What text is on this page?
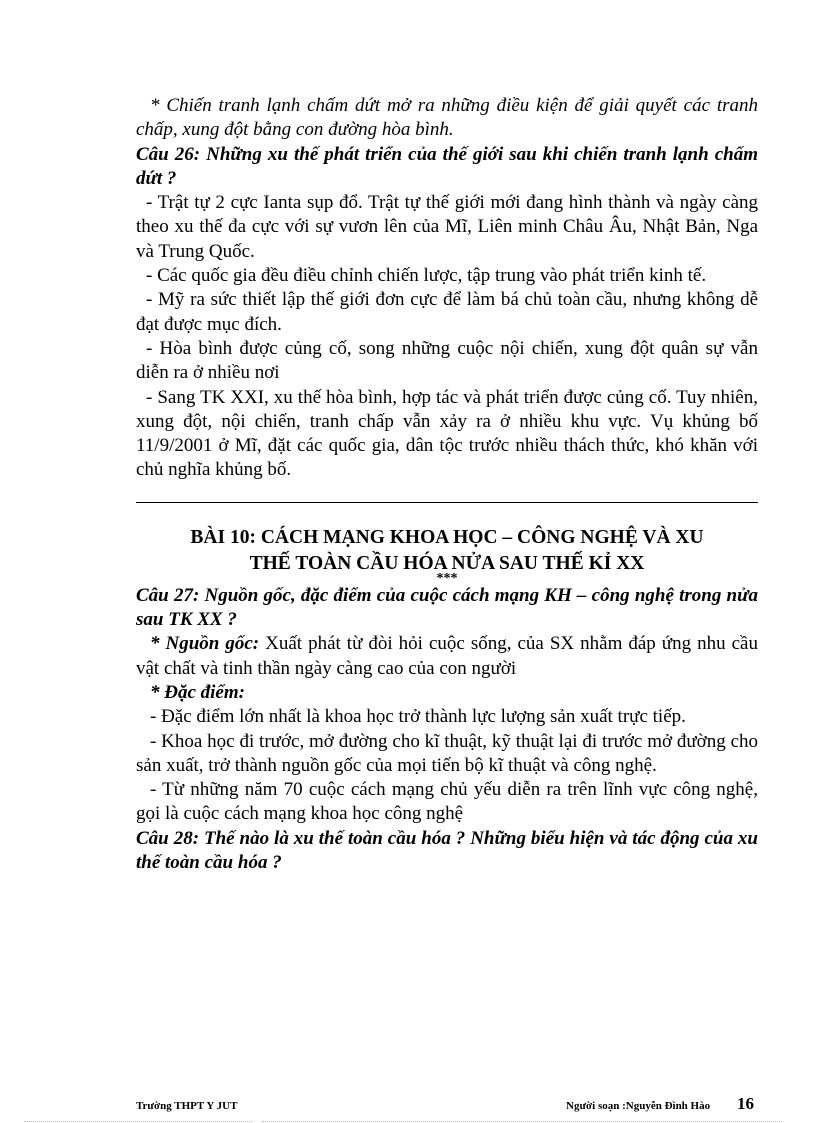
* Chiến tranh lạnh chấm dứt mở ra những điều kiện để giải quyết các tranh chấp, xung đột bằng con đường hòa bình.

Câu 26: Những xu thế phát triển của thế giới sau khi chiến tranh lạnh chấm dứt ?

- Trật tự 2 cực Ianta sụp đổ. Trật tự thế giới mới đang hình thành và ngày càng theo xu thế đa cực với sự vươn lên của Mĩ, Liên minh Châu Âu, Nhật Bản, Nga và Trung Quốc.

- Các quốc gia đều điều chỉnh chiến lược, tập trung vào phát triển kinh tế.

- Mỹ ra sức thiết lập thế giới đơn cực để làm bá chủ toàn cầu, nhưng không dễ đạt được mục đích.

- Hòa bình được củng cố, song những cuộc nội chiến, xung đột quân sự vẫn diễn ra ở nhiều nơi

- Sang TK XXI, xu thế hòa bình, hợp tác và phát triển được củng cố. Tuy nhiên, xung đột, nội chiến, tranh chấp vẫn xảy ra ở nhiều khu vực. Vụ khủng bố 11/9/2001 ở Mĩ, đặt các quốc gia, dân tộc trước nhiều thách thức, khó khăn với chủ nghĩa khủng bố.

BÀI 10: CÁCH MẠNG KHOA HỌC – CÔNG NGHỆ VÀ XU
THẾ TOÀN CẦU HÓA NỬA SAU THẾ KỈ XX
***

Câu 27: Nguồn gốc, đặc điểm của cuộc cách mạng KH – công nghệ trong nửa sau TK XX ?

* Nguồn gốc: Xuất phát từ đòi hỏi cuộc sống, của SX nhằm đáp ứng nhu cầu vật chất và tinh thần ngày càng cao của con người

* Đặc điểm:

- Đặc điểm lớn nhất là khoa học trở thành lực lượng sản xuất trực tiếp.

- Khoa học đi trước, mở đường cho kĩ thuật, kỹ thuật lại đi trước mở đường cho sản xuất, trở thành nguồn gốc của mọi tiến bộ kĩ thuật và công nghệ.

- Từ những năm 70 cuộc cách mạng chủ yếu diễn ra trên lĩnh vực công nghệ, gọi là cuộc cách mạng khoa học công nghệ

Câu 28: Thế nào là xu thế toàn cầu hóa ? Những biểu hiện và tác động của xu thế toàn cầu hóa ?

Trường THPT Y JUT	Người soạn :Nguyễn Đình Hào 16
